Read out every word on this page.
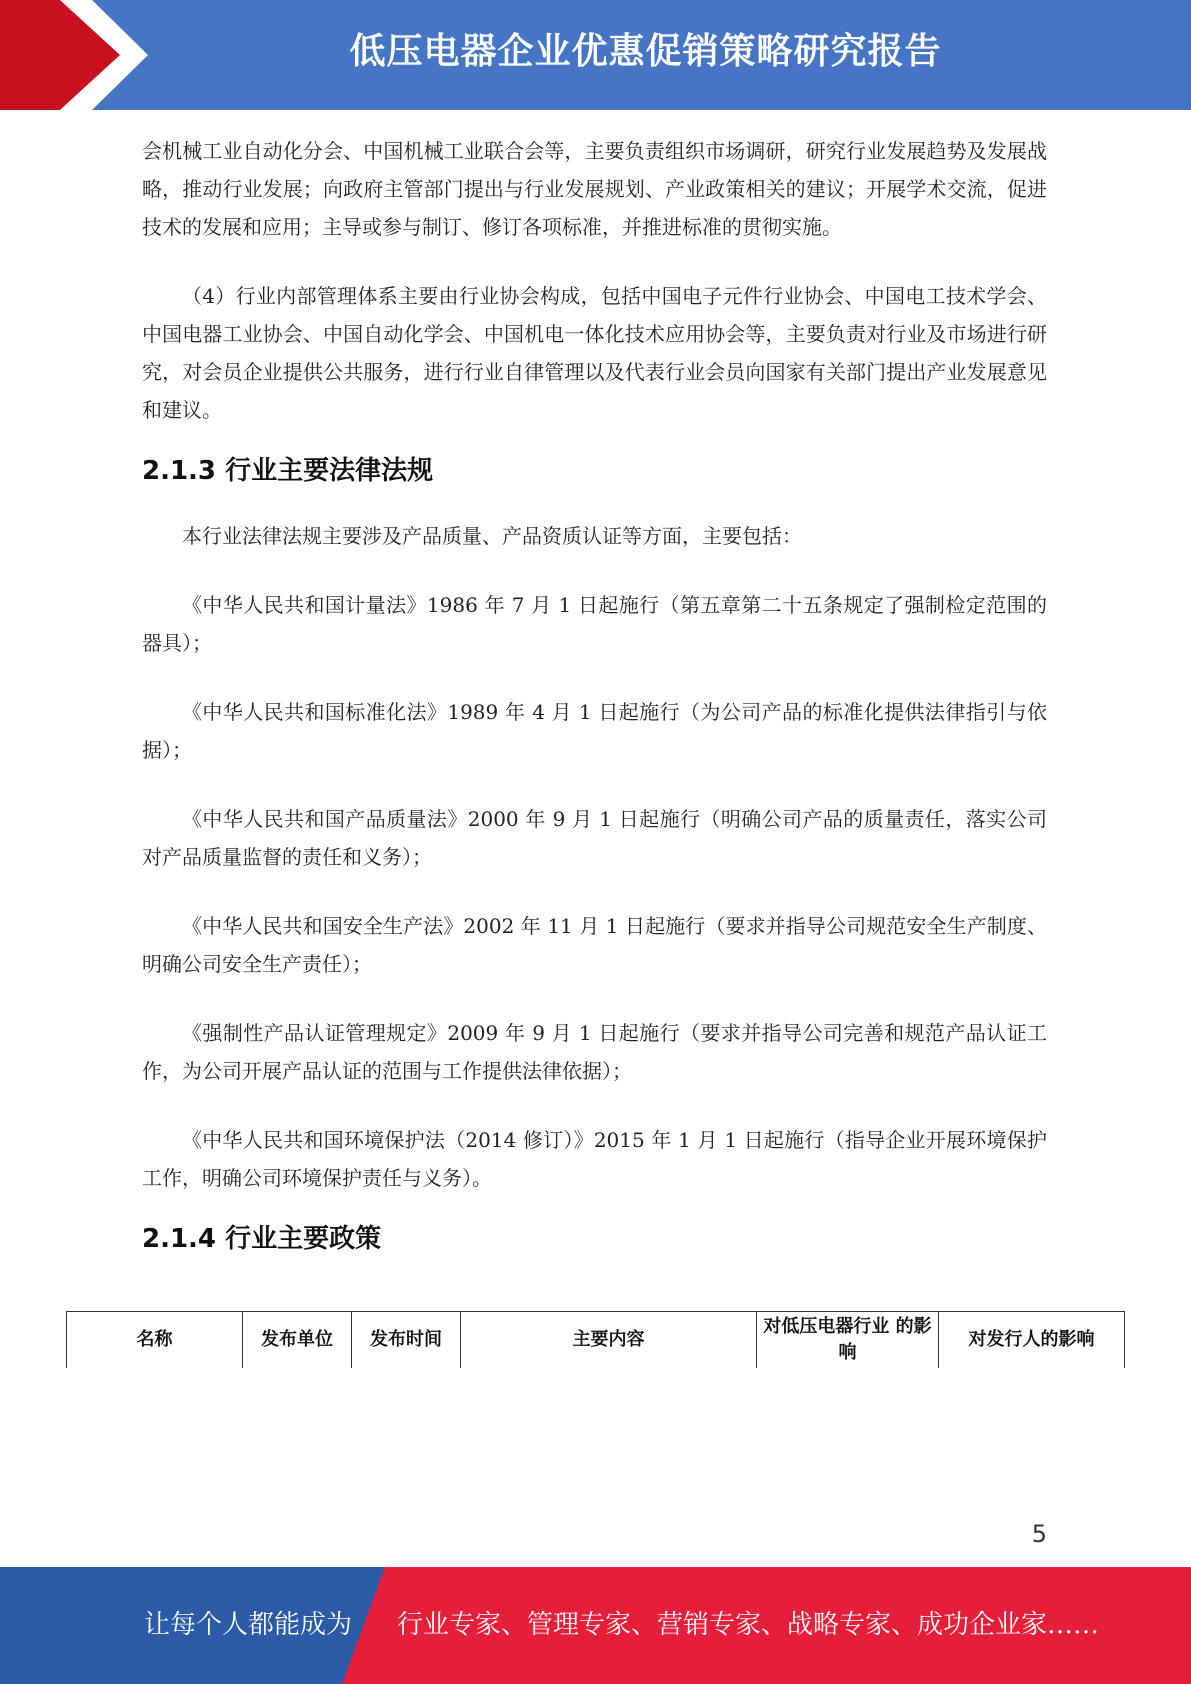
低压电器企业优惠促销策略研究报告

会机械工业自动化分会、中国机械工业联合会等，主要负责组织市场调研，研究行业发展趋势及发展战略，推动行业发展；向政府主管部门提出与行业发展规划、产业政策相关的建议；开展学术交流，促进技术的发展和应用；主导或参与制订、修订各项标准，并推进标准的贯彻实施。

（4）行业内部管理体系主要由行业协会构成，包括中国电子元件行业协会、中国电工技术学会、中国电器工业协会、中国自动化学会、中国机电一体化技术应用协会等，主要负责对行业及市场进行研究，对会员企业提供公共服务，进行行业自律管理以及代表行业会员向国家有关部门提出产业发展意见和建议。

2.1.3 行业主要法律法规

本行业法律法规主要涉及产品质量、产品资质认证等方面，主要包括：

《中华人民共和国计量法》1986 年 7 月 1 日起施行（第五章第二十五条规定了强制检定范围的器具）；

《中华人民共和国标准化法》1989 年 4 月 1 日起施行（为公司产品的标准化提供法律指引与依据）；

《中华人民共和国产品质量法》2000 年 9 月 1 日起施行（明确公司产品的质量责任，落实公司对产品质量监督的责任和义务）；

《中华人民共和国安全生产法》2002 年 11 月 1 日起施行（要求并指导公司规范安全生产制度、明确公司安全生产责任）；

《强制性产品认证管理规定》2009 年 9 月 1 日起施行（要求并指导公司完善和规范产品认证工作，为公司开展产品认证的范围与工作提供法律依据）；

《中华人民共和国环境保护法（2014 修订）》2015 年 1 月 1 日起施行（指导企业开展环境保护工作，明确公司环境保护责任与义务）。

2.1.4 行业主要政策
名称	发布单位	发布时间	主要内容	对低压电器行业 的影响	对发行人的影响
5
让每个人都能成为 行业专家、管理专家、营销专家、战略专家、成功企业家……
